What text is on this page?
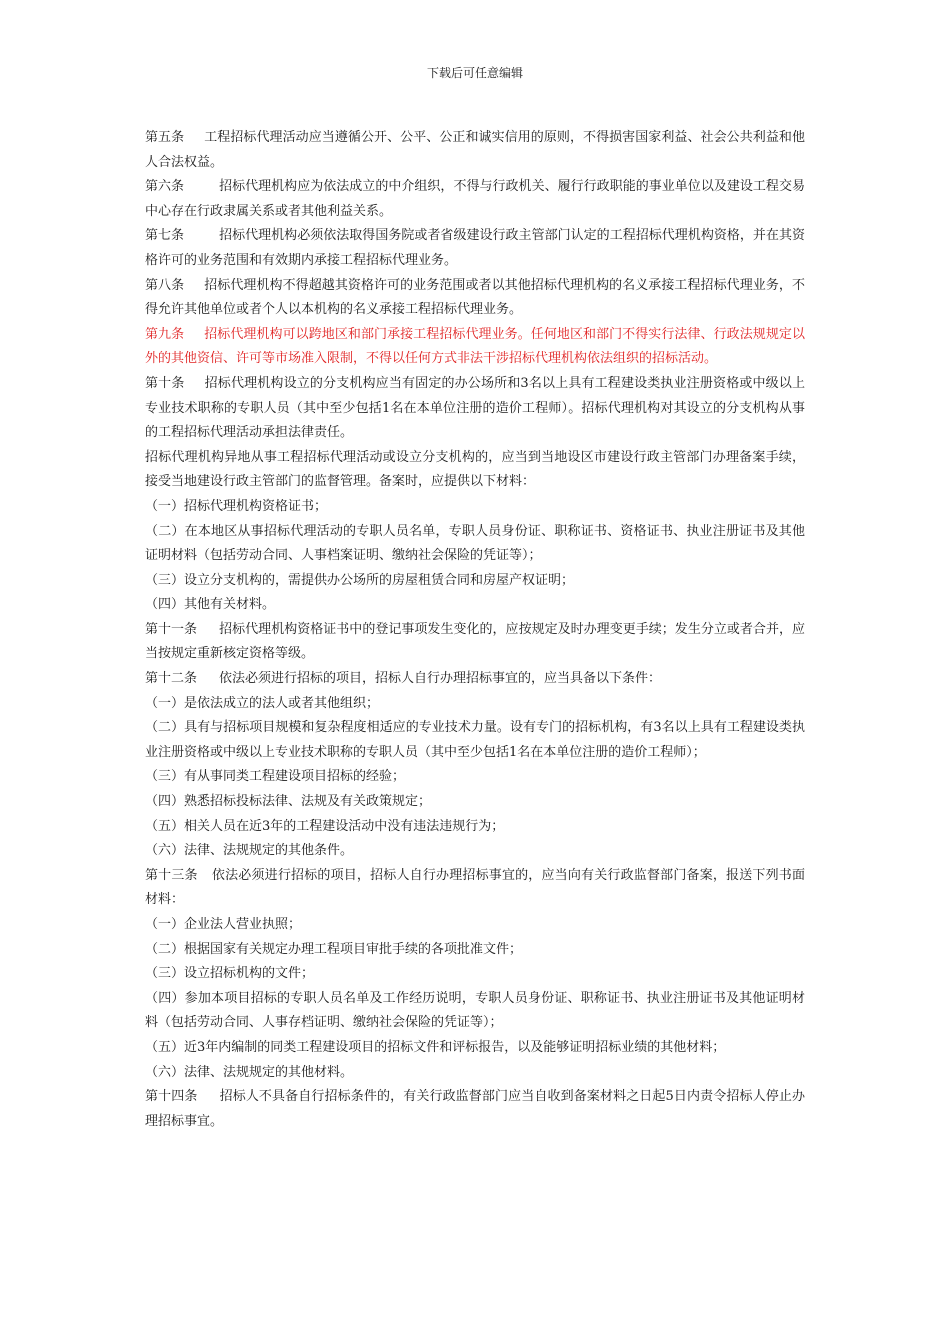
下载后可任意编辑

第五条 工程招标代理活动应当遵循公开、公平、公正和诚实信用的原则，不得损害国家利益、社会公共利益和他人合法权益。

第六条	招标代理机构应为依法成立的中介组织，不得与行政机关、履行行政职能的事业单位以及建设工程交易中心存在行政隶属关系或者其他利益关系。

第七条	招标代理机构必须依法取得国务院或者省级建设行政主管部门认定的工程招标代理机构资格，并在其资格许可的业务范围和有效期内承接工程招标代理业务。

第八条 招标代理机构不得超越其资格许可的业务范围或者以其他招标代理机构的名义承接工程招标代理业务，不得允许其他单位或者个人以本机构的名义承接工程招标代理业务。

第九条 招标代理机构可以跨地区和部门承接工程招标代理业务。任何地区和部门不得实行法律、行政法规规定以外的其他资信、许可等市场准入限制，不得以任何方式非法干涉招标代理机构依法组织的招标活动。

第十条 招标代理机构设立的分支机构应当有固定的办公场所和3名以上具有工程建设类执业注册资格或中级以上专业技术职称的专职人员（其中至少包括1名在本单位注册的造价工程师）。招标代理机构对其设立的分支机构从事的工程招标代理活动承担法律责任。

招标代理机构异地从事工程招标代理活动或设立分支机构的，应当到当地设区市建设行政主管部门办理备案手续，接受当地建设行政主管部门的监督管理。备案时，应提供以下材料：

（一）招标代理机构资格证书；

（二）在本地区从事招标代理活动的专职人员名单，专职人员身份证、职称证书、资格证书、执业注册证书及其他证明材料（包括劳动合同、人事档案证明、缴纳社会保险的凭证等）；

（三）设立分支机构的，需提供办公场所的房屋租赁合同和房屋产权证明；

（四）其他有关材料。

第十一条 招标代理机构资格证书中的登记事项发生变化的，应按规定及时办理变更手续；发生分立或者合并，应当按规定重新核定资格等级。

第十二条 依法必须进行招标的项目，招标人自行办理招标事宜的，应当具备以下条件：

（一）是依法成立的法人或者其他组织；

（二）具有与招标项目规模和复杂程度相适应的专业技术力量。设有专门的招标机构，有3名以上具有工程建设类执业注册资格或中级以上专业技术职称的专职人员（其中至少包括1名在本单位注册的造价工程师）；

（三）有从事同类工程建设项目招标的经验；

（四）熟悉招标投标法律、法规及有关政策规定；

（五）相关人员在近3年的工程建设活动中没有违法违规行为；

（六）法律、法规规定的其他条件。

第十三条 依法必须进行招标的项目，招标人自行办理招标事宜的，应当向有关行政监督部门备案，报送下列书面材料：

（一）企业法人营业执照；

（二）根据国家有关规定办理工程项目审批手续的各项批准文件；

（三）设立招标机构的文件；

（四）参加本项目招标的专职人员名单及工作经历说明，专职人员身份证、职称证书、执业注册证书及其他证明材料（包括劳动合同、人事存档证明、缴纳社会保险的凭证等）；

（五）近3年内编制的同类工程建设项目的招标文件和评标报告，以及能够证明招标业绩的其他材料；

（六）法律、法规规定的其他材料。

第十四条 招标人不具备自行招标条件的，有关行政监督部门应当自收到备案材料之日起5日内责令招标人停止办理招标事宜。
